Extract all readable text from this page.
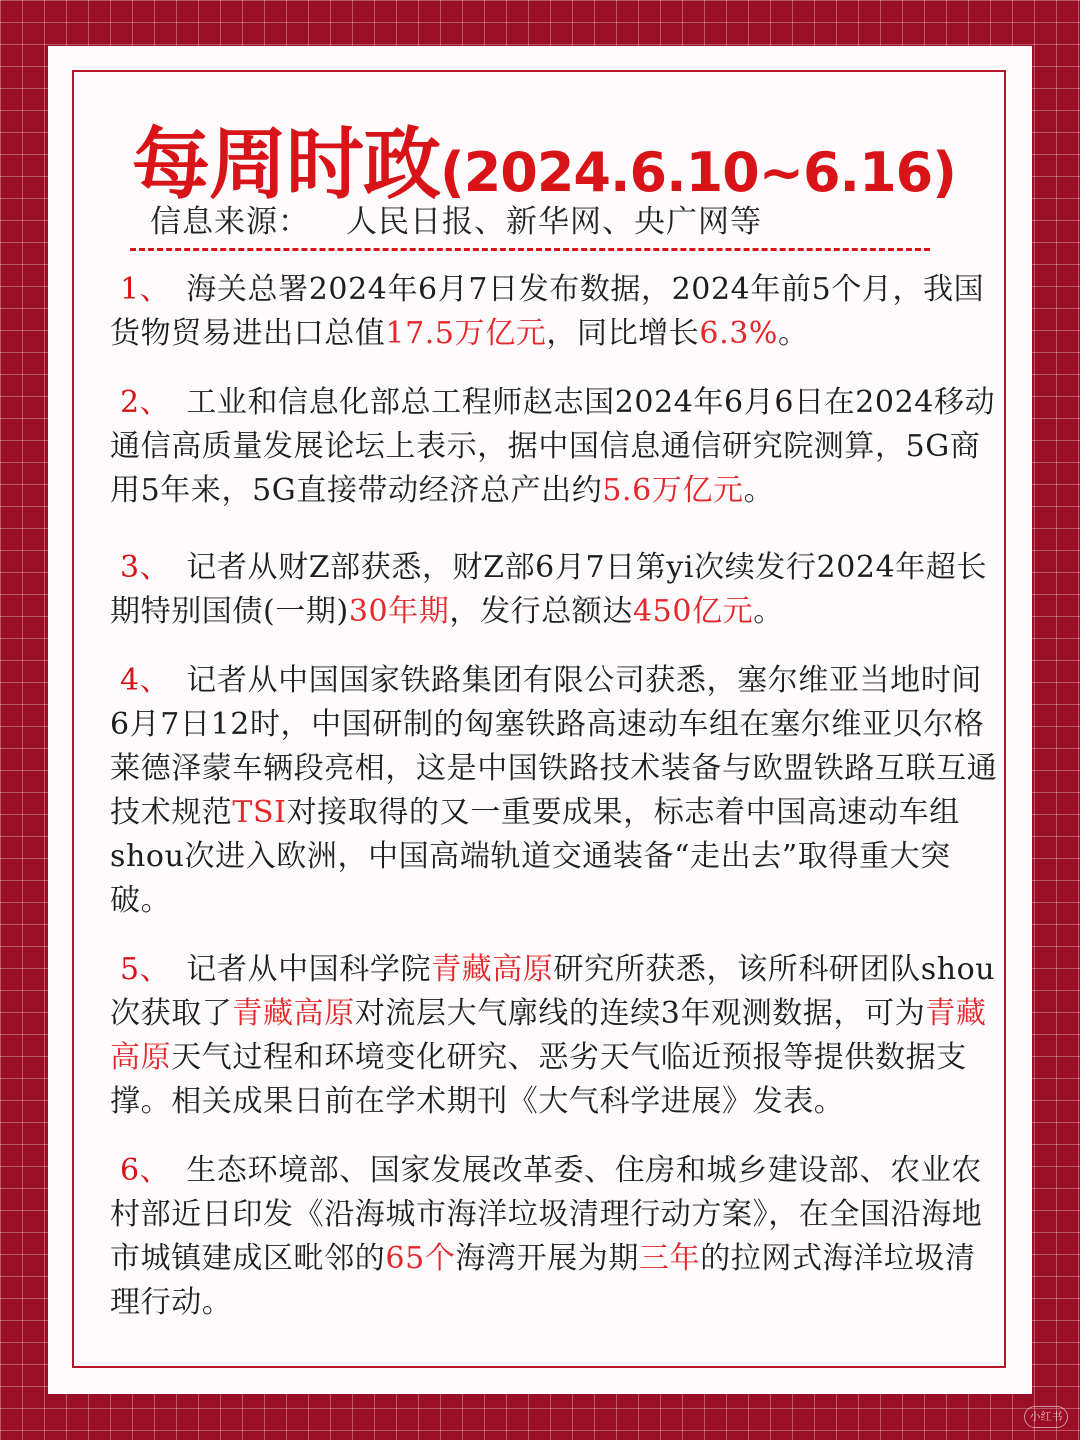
每周时政(2024.6.10~6.16)
信息来源： 人民日报、新华网、央广网等
1、 海关总署2024年6月7日发布数据，2024年前5个月，我国货物贸易进出口总值17.5万亿元，同比增长6.3%。
2、 工业和信息化部总工程师赵志国2024年6月6日在2024移动通信高质量发展论坛上表示，据中国信息通信研究院测算，5G商用5年来，5G直接带动经济总产出约5.6万亿元。
3、 记者从财Z部获悉，财Z部6月7日第yi次续发行2024年超长期特别国债(一期)30年期，发行总额达450亿元。
4、 记者从中国国家铁路集团有限公司获悉，塞尔维亚当地时间6月7日12时，中国研制的匈塞铁路高速动车组在塞尔维亚贝尔格莱德泽蒙车辆段亮相，这是中国铁路技术装备与欧盟铁路互联互通技术规范TSI对接取得的又一重要成果，标志着中国高速动车组shou次进入欧洲，中国高端轨道交通装备“走出去”取得重大突破。
5、 记者从中国科学院青藏高原研究所获悉，该所科研团队shou次获取了青藏高原对流层大气廓线的连续3年观测数据，可为青藏高原天气过程和环境变化研究、恶劣天气临近预报等提供数据支撑。相关成果日前在学术期刊《大气科学进展》发表。
6、 生态环境部、国家发展改革委、住房和城乡建设部、农业农村部近日印发《沿海城市海洋垃圾清理行动方案》，在全国沿海地市城镇建成区毗邻的65个海湾开展为期三年的拉网式海洋垃圾清理行动。
小红书
